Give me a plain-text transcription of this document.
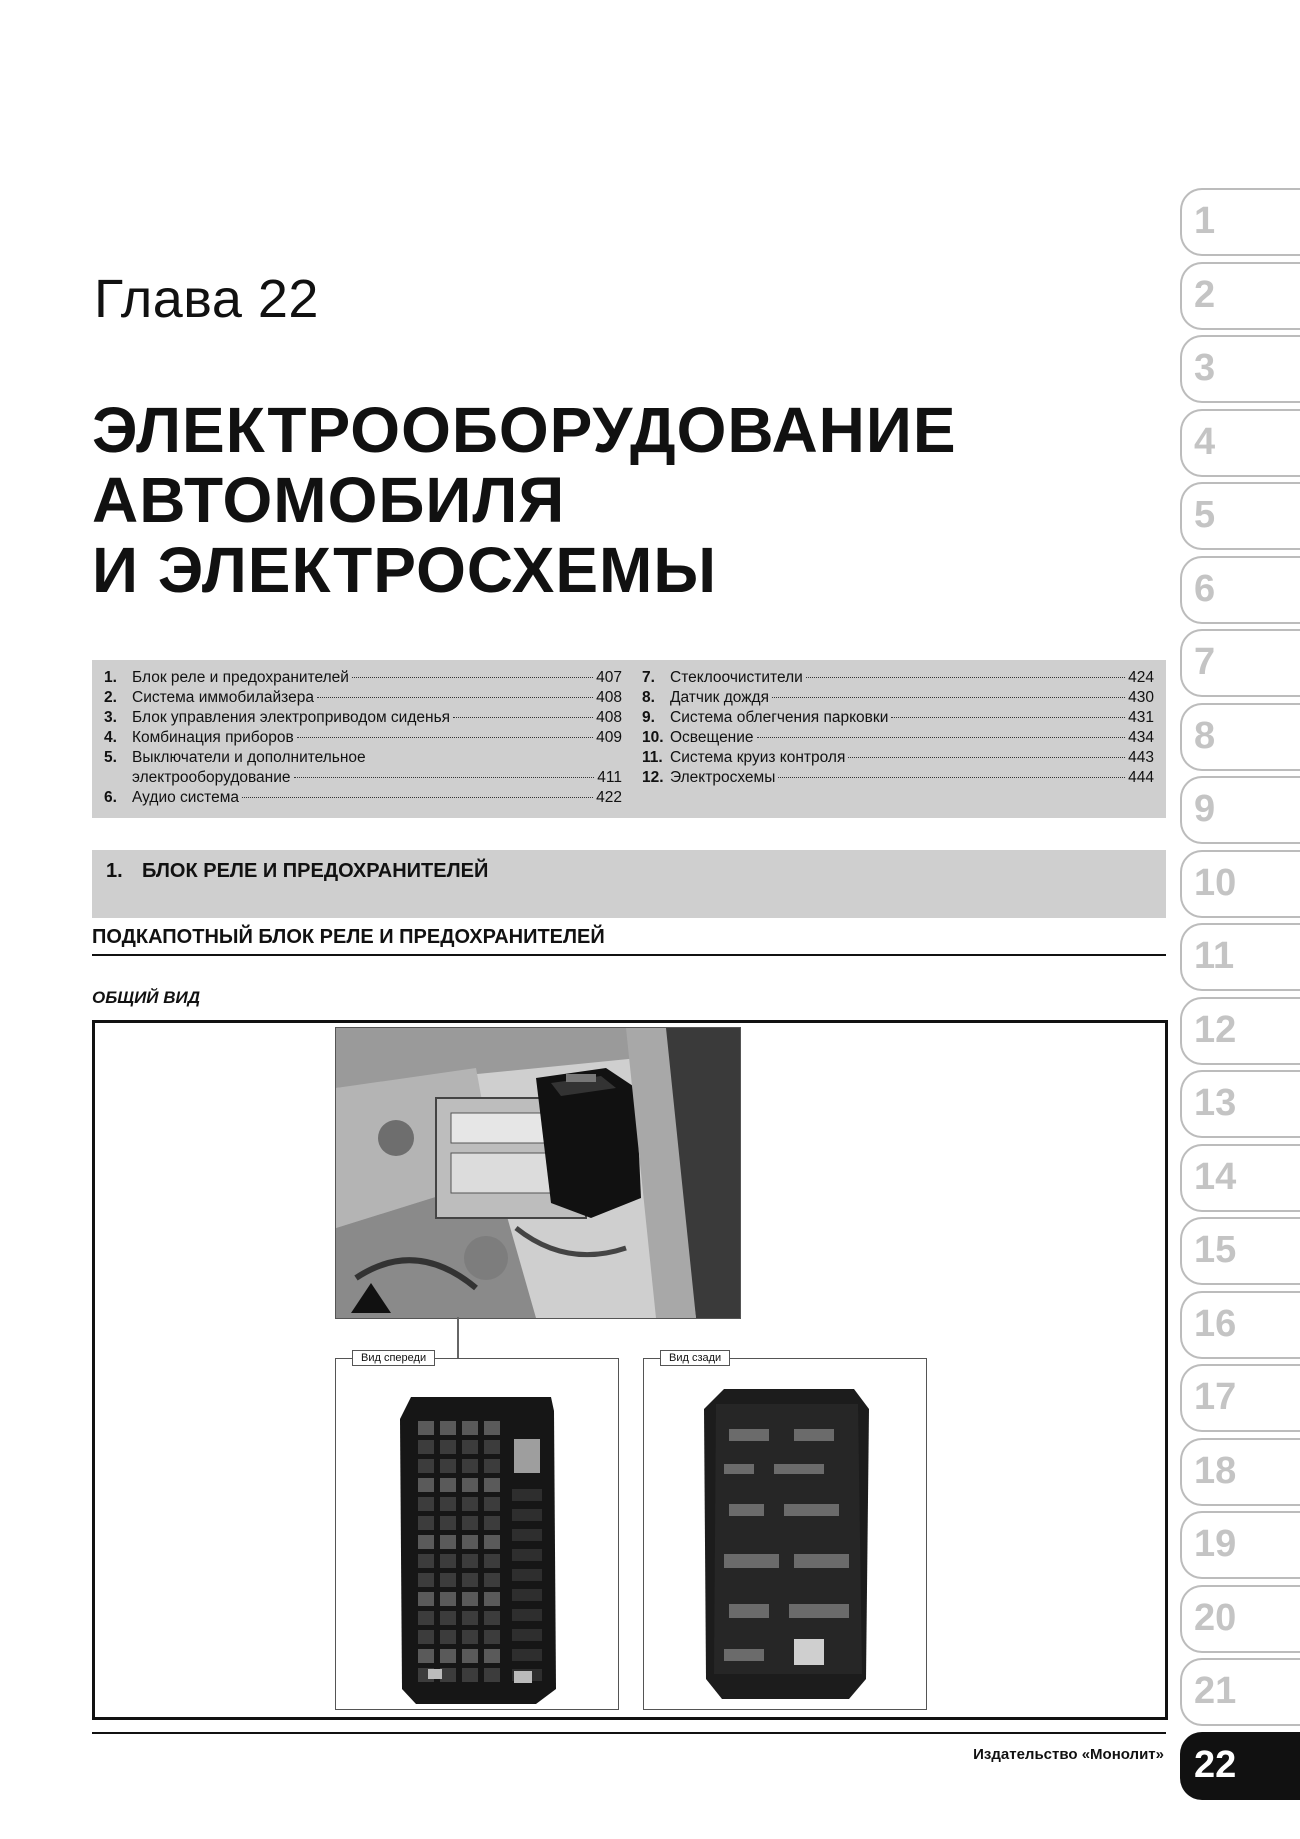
Глава 22
ЭЛЕКТРООБОРУДОВАНИЕ
АВТОМОБИЛЯ
И ЭЛЕКТРОСХЕМЫ
1. Блок реле и предохранителей	407
2. Система иммобилайзера	408
3. Блок управления электроприводом сиденья	408
4. Комбинация приборов	409
5. Выключатели и дополнительное
электрооборудование	411
6. Аудио система	422
7. Стеклоочистители	424
8. Датчик дождя	430
9. Система облегчения парковки	431
10. Освещение	434
11. Система круиз контроля	443
12. Электросхемы	444
1. БЛОК РЕЛЕ И ПРЕДОХРАНИТЕЛЕЙ
ПОДКАПОТНЫЙ БЛОК РЕЛЕ И ПРЕДОХРАНИТЕЛЕЙ
ОБЩИЙ ВИД
Вид спереди	Вид сзади
Издательство «Монолит»
1
2
3
4
5
6
7
8
9
10
11
12
13
14
15
16
17
18
19
20
21
22
